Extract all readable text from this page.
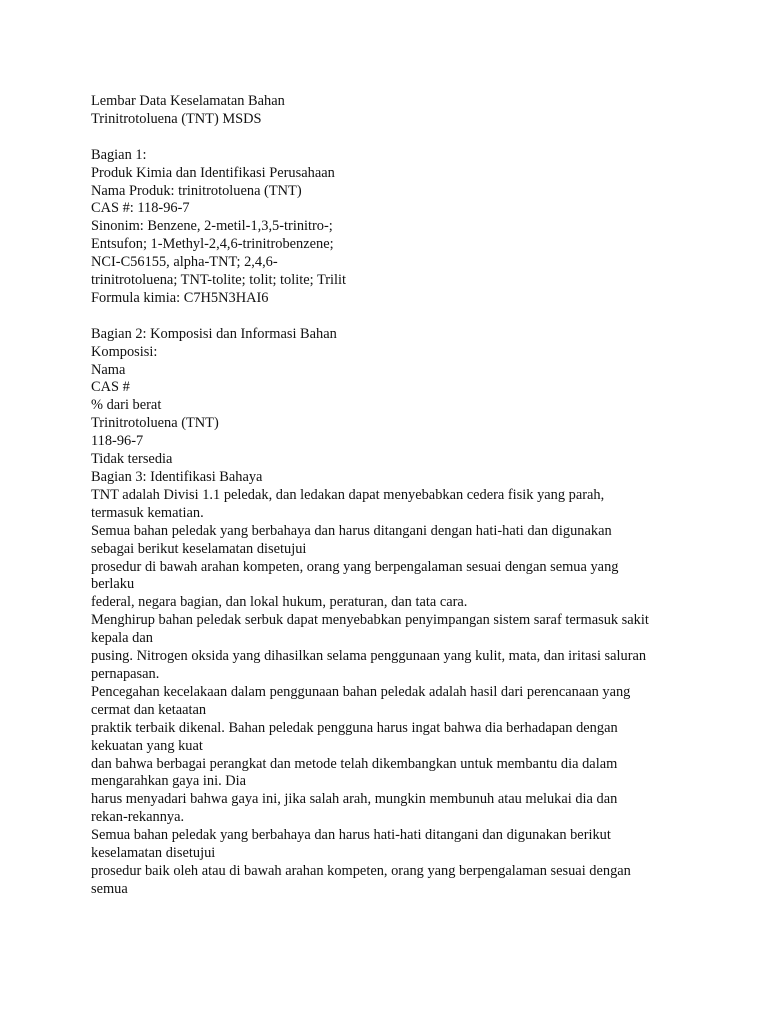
Lembar Data Keselamatan Bahan
Trinitrotoluena (TNT) MSDS
Bagian 1:
Produk Kimia dan Identifikasi Perusahaan
Nama Produk: trinitrotoluena (TNT)
CAS #: 118-96-7
Sinonim: Benzene, 2-metil-1,3,5-trinitro-;
Entsufon; 1-Methyl-2,4,6-trinitrobenzene;
NCI-C56155, alpha-TNT; 2,4,6-
trinitrotoluena; TNT-tolite; tolit; tolite; Trilit
Formula kimia: C7H5N3HAI6
Bagian 2: Komposisi dan Informasi Bahan
Komposisi:
Nama
CAS #
% dari berat
Trinitrotoluena (TNT)
118-96-7
Tidak tersedia
Bagian 3: Identifikasi Bahaya
TNT adalah Divisi 1.1 peledak, dan ledakan dapat menyebabkan cedera fisik yang parah,
termasuk kematian.
Semua bahan peledak yang berbahaya dan harus ditangani dengan hati-hati dan digunakan
sebagai berikut keselamatan disetujui
prosedur di bawah arahan kompeten, orang yang berpengalaman sesuai dengan semua yang
berlaku
federal, negara bagian, dan lokal hukum, peraturan, dan tata cara.
Menghirup bahan peledak serbuk dapat menyebabkan penyimpangan sistem saraf termasuk sakit
kepala dan
pusing. Nitrogen oksida yang dihasilkan selama penggunaan yang kulit, mata, dan iritasi saluran
pernapasan.
Pencegahan kecelakaan dalam penggunaan bahan peledak adalah hasil dari perencanaan yang
cermat dan ketaatan
praktik terbaik dikenal. Bahan peledak pengguna harus ingat bahwa dia berhadapan dengan
kekuatan yang kuat
dan bahwa berbagai perangkat dan metode telah dikembangkan untuk membantu dia dalam
mengarahkan gaya ini. Dia
harus menyadari bahwa gaya ini, jika salah arah, mungkin membunuh atau melukai dia dan
rekan-rekannya.
Semua bahan peledak yang berbahaya dan harus hati-hati ditangani dan digunakan berikut
keselamatan disetujui
prosedur baik oleh atau di bawah arahan kompeten, orang yang berpengalaman sesuai dengan
semua
